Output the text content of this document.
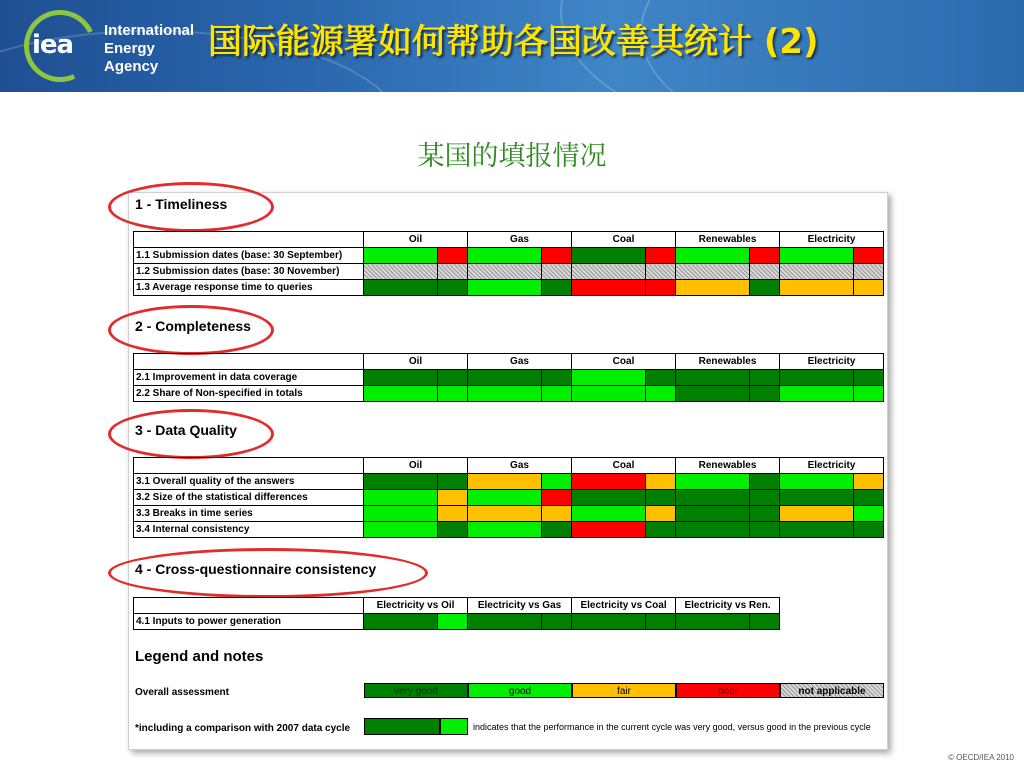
iea International
Energy Agency
国际能源署如何帮助各国改善其统计 (2)
某国的填报情况
1 - Timeliness
2 - Completeness
3 - Data Quality
4 - Cross-questionnaire consistency
	Oil		Gas		Coal		Renewables		Electricity	
1.1 Submission dates (base: 30 September)										
1.2 Submission dates (base: 30 November)										
1.3 Average response time to queries										
	Oil		Gas		Coal		Renewables		Electricity	
2.1 Improvement in data coverage										
2.2 Share of Non-specified in totals										
	Oil		Gas		Coal		Renewables		Electricity	
3.1 Overall quality of the answers										
3.2 Size of the statistical differences										
3.3 Breaks in time series										
3.4 Internal consistency										
	Electricity vs Oil		Electricity vs Gas		Electricity vs Coal		Electricity vs Ren.	
4.1 Inputs to power generation								
Legend and notes
Overall assessment	very good	good	fair	poor	not applicable
*including a comparison with 2007 data cycle	indicates that the performance in the current cycle was very good, versus good in the previous cycle
© OECD/IEA 2010
